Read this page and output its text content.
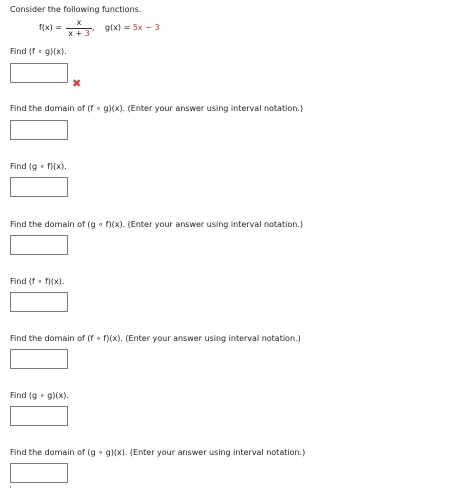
Consider the following functions.
f(x) =
x
x + 3
, g(x) = 5x − 3
Find (f ∘ g)(x).
✖
Find the domain of (f ∘ g)(x). (Enter your answer using interval notation.)
Find (g ∘ f)(x).
Find the domain of (g ∘ f)(x). (Enter your answer using interval notation.)
Find (f ∘ f)(x).
Find the domain of (f ∘ f)(x). (Enter your answer using interval notation.)
Find (g ∘ g)(x).
Find the domain of (g ∘ g)(x). (Enter your answer using interval notation.)
